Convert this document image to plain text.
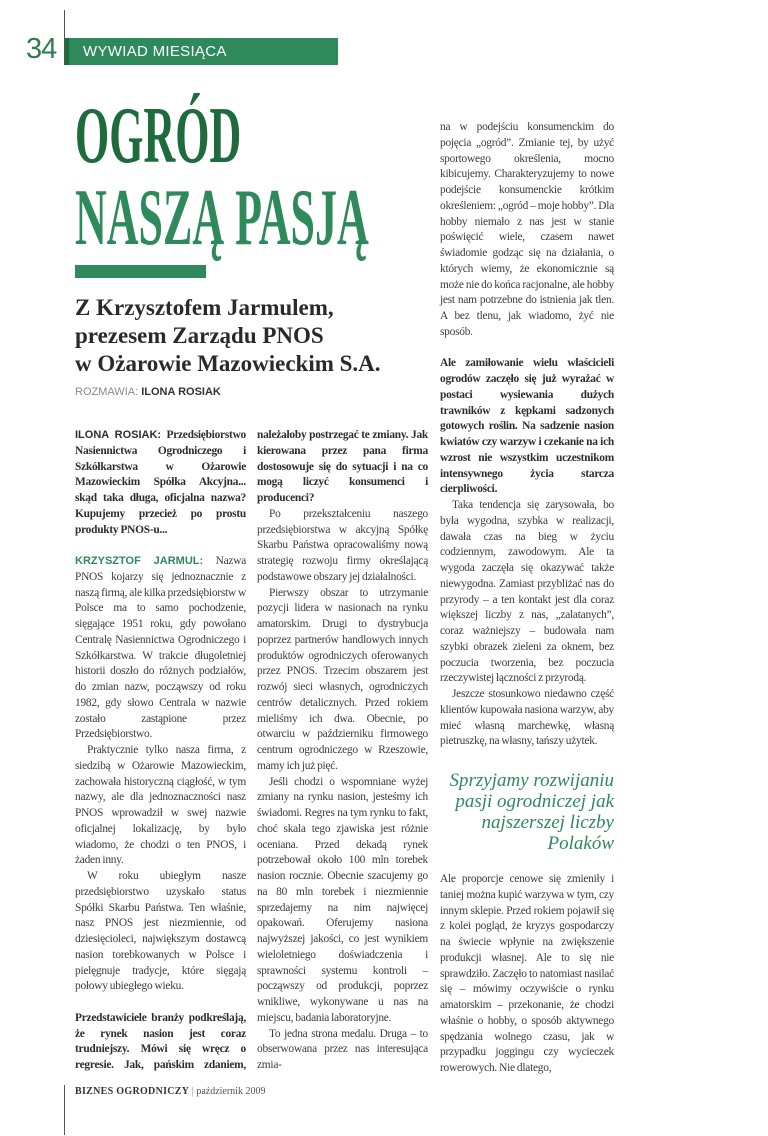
34 WYWIAD MIESIĄCA
OGRÓD
NASZĄ PASJĄ
Z Krzysztofem Jarmulem,
prezesem Zarządu PNOS
w Ożarowie Mazowieckim S.A.
ROZMAWIA: ILONA ROSIAK

ILONA ROSIAK: Przedsiębiorstwo Nasiennictwa Ogrodniczego i Szkółkarstwa w Ożarowie Mazowieckim Spółka Akcyjna... skąd taka długa, oficjalna nazwa? Kupujemy przecież po prostu produkty PNOS-u...

KRZYSZTOF JARMUL: Nazwa PNOS kojarzy się jednoznacznie z naszą firmą, ale kilka przedsiębiorstw w Polsce ma to samo pochodzenie, sięgające 1951 roku, gdy powołano Centralę Nasiennictwa Ogrodniczego i Szkółkarstwa. W trakcie długoletniej historii doszło do różnych podziałów, do zmian nazw, począwszy od roku 1982, gdy słowo Centrala w nazwie zostało zastąpione przez Przedsiębiorstwo.

Praktycznie tylko nasza firma, z siedzibą w Ożarowie Mazowieckim, zachowała historyczną ciągłość, w tym nazwy, ale dla jednoznaczności nasz PNOS wprowadził w swej nazwie oficjalnej lokalizację, by było wiadomo, że chodzi o ten PNOS, i żaden inny.

W roku ubiegłym nasze przedsiębiorstwo uzyskało status Spółki Skarbu Państwa. Ten właśnie, nasz PNOS jest niezmiennie, od dziesięcioleci, największym dostawcą nasion torebkowanych w Polsce i pielęgnuje tradycje, które sięgają połowy ubiegłego wieku.

Przedstawiciele branży podkreślają, że rynek nasion jest coraz trudniejszy. Mówi się wręcz o regresie. Jak, pańskim zdaniem, należałoby postrzegać te zmiany. Jak kierowana przez pana firma dostosowuje się do sytuacji i na co mogą liczyć konsumenci i producenci?

Po przekształceniu naszego przedsiębiorstwa w akcyjną Spółkę Skarbu Państwa opracowaliśmy nową strategię rozwoju firmy określającą podstawowe obszary jej działalności.

Pierwszy obszar to utrzymanie pozycji lidera w nasionach na rynku amatorskim. Drugi to dystrybucja poprzez partnerów handlowych innych produktów ogrodniczych oferowanych przez PNOS. Trzecim obszarem jest rozwój sieci własnych, ogrodniczych centrów detalicznych. Przed rokiem mieliśmy ich dwa. Obecnie, po otwarciu w październiku firmowego centrum ogrodniczego w Rzeszowie, mamy ich już pięć.

Jeśli chodzi o wspomniane wyżej zmiany na rynku nasion, jesteśmy ich świadomi. Regres na tym rynku to fakt, choć skala tego zjawiska jest różnie oceniana. Przed dekadą rynek potrzebował około 100 mln torebek nasion rocznie. Obecnie szacujemy go na 80 mln torebek i niezmiennie sprzedajemy na nim najwięcej opakowań. Oferujemy nasiona najwyższej jakości, co jest wynikiem wieloletniego doświadczenia i sprawności systemu kontroli – począwszy od produkcji, poprzez wnikliwe, wykonywane u nas na miejscu, badania laboratoryjne.

To jedna strona medalu. Druga – to obserwowana przez nas interesująca zmia-

na w podejściu konsumenckim do pojęcia „ogród”. Zmianie tej, by użyć sportowego określenia, mocno kibicujemy. Charakteryzujemy to nowe podejście konsumenckie krótkim określeniem: „ogród – moje hobby”. Dla hobby niemało z nas jest w stanie poświęcić wiele, czasem nawet świadomie godząc się na działania, o których wiemy, że ekonomicznie są może nie do końca racjonalne, ale hobby jest nam potrzebne do istnienia jak tlen. A bez tlenu, jak wiadomo, żyć nie sposób.

Ale zamiłowanie wielu właścicieli ogrodów zaczęło się już wyrażać w postaci wysiewania dużych trawników z kępkami sadzonych gotowych roślin. Na sadzenie nasion kwiatów czy warzyw i czekanie na ich wzrost nie wszystkim uczestnikom intensywnego życia starcza cierpliwości.

Taka tendencja się zarysowała, bo była wygodna, szybka w realizacji, dawała czas na bieg w życiu codziennym, zawodowym. Ale ta wygoda zaczęła się okazywać także niewygodna. Zamiast przybliżać nas do przyrody – a ten kontakt jest dla coraz większej liczby z nas, „zalatanych”, coraz ważniejszy – budowała nam szybki obrazek zieleni za oknem, bez poczucia tworzenia, bez poczucia rzeczywistej łączności z przyrodą.

Jeszcze stosunkowo niedawno część klientów kupowała nasiona warzyw, aby mieć własną marchewkę, własną pietruszkę, na własny, tańszy użytek.

Sprzyjamy rozwijaniu pasji ogrodniczej jak najszerszej liczby Polaków

Ale proporcje cenowe się zmieniły i taniej można kupić warzywa w tym, czy innym sklepie. Przed rokiem pojawił się z kolei pogląd, że kryzys gospodarczy na świecie wpłynie na zwiększenie produkcji własnej. Ale to się nie sprawdziło. Zaczęło to natomiast nasilać się – mówimy oczywiście o rynku amatorskim – przekonanie, że chodzi właśnie o hobby, o sposób aktywnego spędzania wolnego czasu, jak w przypadku joggingu czy wycieczek rowerowych. Nie dlatego,

BIZNES OGRODNICZY | październik 2009
